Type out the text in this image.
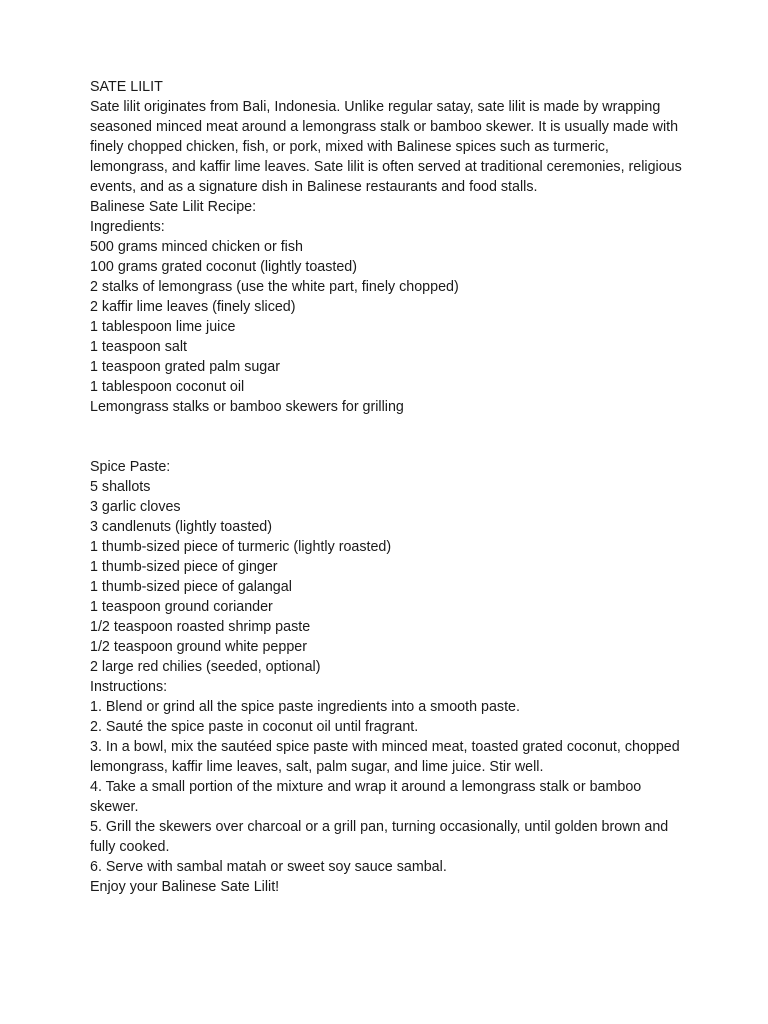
SATE LILIT

Sate lilit originates from Bali, Indonesia. Unlike regular satay, sate lilit is made by wrapping seasoned minced meat around a lemongrass stalk or bamboo skewer. It is usually made with finely chopped chicken, fish, or pork, mixed with Balinese spices such as turmeric, lemongrass, and kaffir lime leaves. Sate lilit is often served at traditional ceremonies, religious events, and as a signature dish in Balinese restaurants and food stalls.

Balinese Sate Lilit Recipe:

Ingredients:

500 grams minced chicken or fish

100 grams grated coconut (lightly toasted)

2 stalks of lemongrass (use the white part, finely chopped)

2 kaffir lime leaves (finely sliced)

1 tablespoon lime juice

1 teaspoon salt

1 teaspoon grated palm sugar

1 tablespoon coconut oil

Lemongrass stalks or bamboo skewers for grilling

Spice Paste:

5 shallots

3 garlic cloves

3 candlenuts (lightly toasted)

1 thumb-sized piece of turmeric (lightly roasted)

1 thumb-sized piece of ginger

1 thumb-sized piece of galangal

1 teaspoon ground coriander

1/2 teaspoon roasted shrimp paste

1/2 teaspoon ground white pepper

2 large red chilies (seeded, optional)

Instructions:

1. Blend or grind all the spice paste ingredients into a smooth paste.

2. Sauté the spice paste in coconut oil until fragrant.

3. In a bowl, mix the sautéed spice paste with minced meat, toasted grated coconut, chopped lemongrass, kaffir lime leaves, salt, palm sugar, and lime juice. Stir well.

4. Take a small portion of the mixture and wrap it around a lemongrass stalk or bamboo skewer.

5. Grill the skewers over charcoal or a grill pan, turning occasionally, until golden brown and fully cooked.

6. Serve with sambal matah or sweet soy sauce sambal.

Enjoy your Balinese Sate Lilit!
